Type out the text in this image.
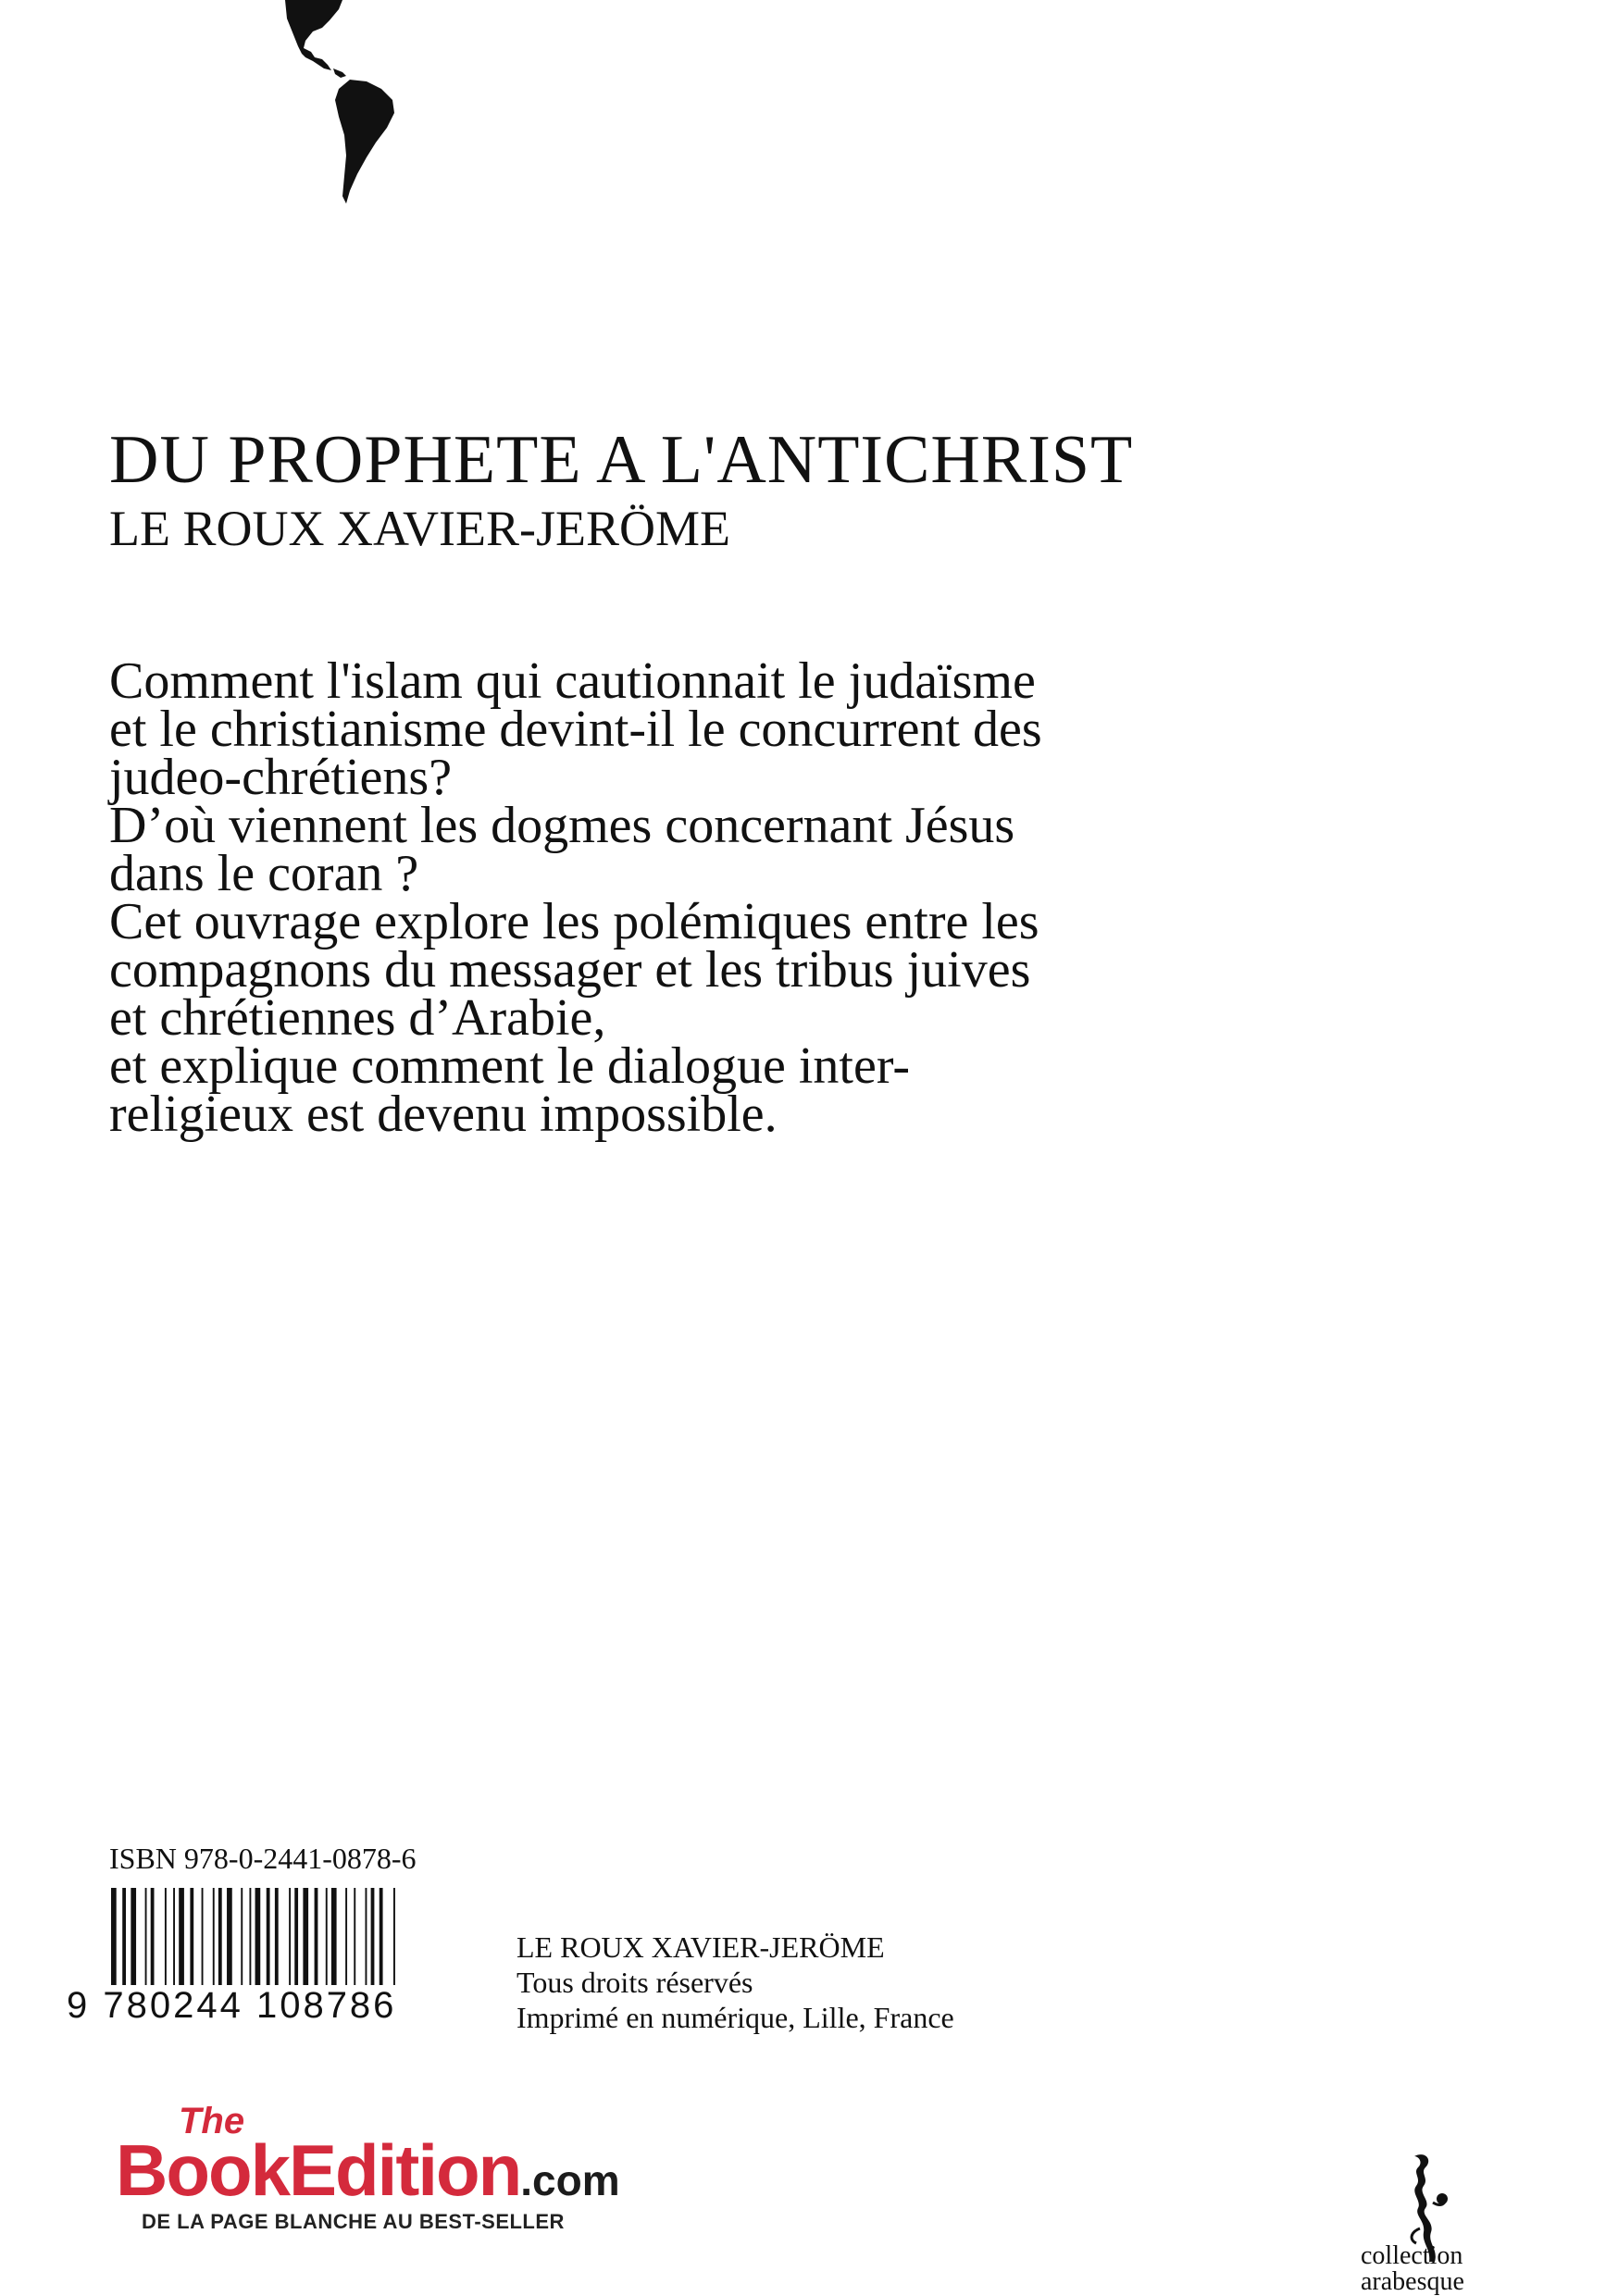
DU PROPHETE A L'ANTICHRIST
LE ROUX XAVIER-JERÖME
Comment l'islam qui cautionnait le judaïsme
et le christianisme devint-il le concurrent des
judeo-chrétiens?
D’où viennent les dogmes concernant Jésus
dans le coran ?
Cet ouvrage explore les polémiques entre les
compagnons du messager et les tribus juives
et chrétiennes d’Arabie,
et explique comment le dialogue inter-
religieux est devenu impossible.
ISBN 978-0-2441-0878-6
9 780244 108786
LE ROUX XAVIER-JERÖME
Tous droits réservés
Imprimé en numérique, Lille, France
The
BookEdition.com
DE LA PAGE BLANCHE AU BEST-SELLER
collection
arabesque
